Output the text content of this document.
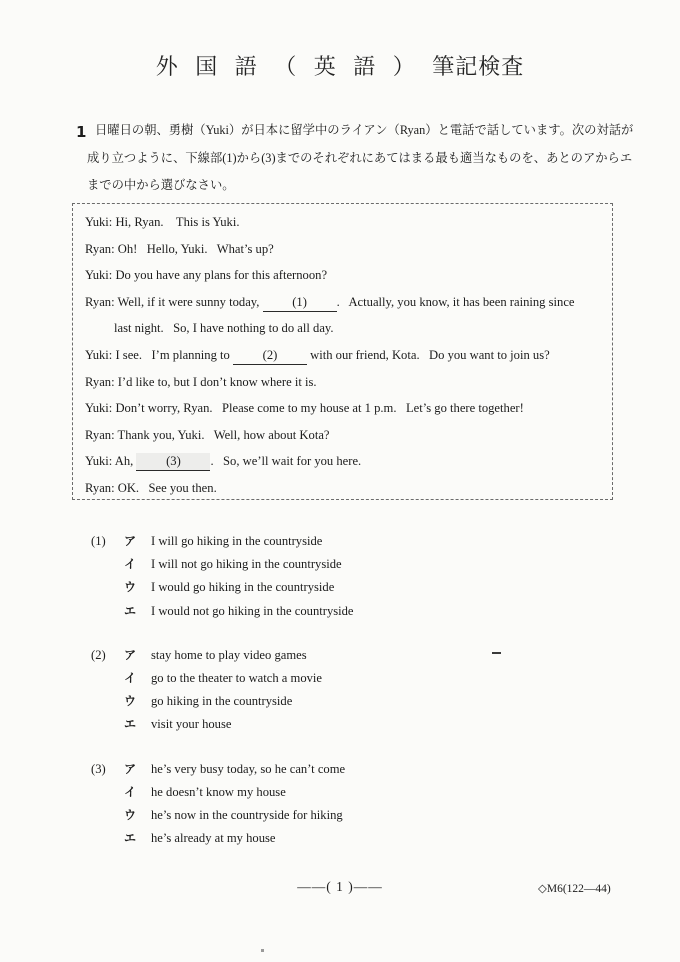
外 国 語 （ 英 語 ） 筆記検査
1 日曜日の朝、勇樹（Yuki）が日本に留学中のライアン（Ryan）と電話で話しています。次の対話が
成り立つように、下線部(1)から(3)までのそれぞれにあてはまる最も適当なものを、あとのアからエ
までの中から選びなさい。
Yuki: Hi, Ryan.    This is Yuki.
Ryan: Oh!   Hello, Yuki.   What’s up?
Yuki: Do you have any plans for this afternoon?
Ryan: Well, if it were sunny today, (1) .   Actually, you know, it has been raining since
last night.   So, I have nothing to do all day.
Yuki: I see.   I’m planning to (2) with our friend, Kota.   Do you want to join us?
Ryan: I’d like to, but I don’t know where it is.
Yuki: Don’t worry, Ryan.   Please come to my house at 1 p.m.   Let’s go there together!
Ryan: Thank you, Yuki.   Well, how about Kota?
Yuki: Ah, (3) .   So, we’ll wait for you here.
Ryan: OK.   See you then.
(1)	ア	I will go hiking in the countryside
イ	I will not go hiking in the countryside
ウ	I would go hiking in the countryside
エ	I would not go hiking in the countryside
(2)	ア	stay home to play video games
イ	go to the theater to watch a movie
ウ	go hiking in the countryside
エ	visit your house
(3)	ア	he’s very busy today, so he can’t come
イ	he doesn’t know my house
ウ	he’s now in the countryside for hiking
エ	he’s already at my house
——( 1 )——	◇M6(122—44)
